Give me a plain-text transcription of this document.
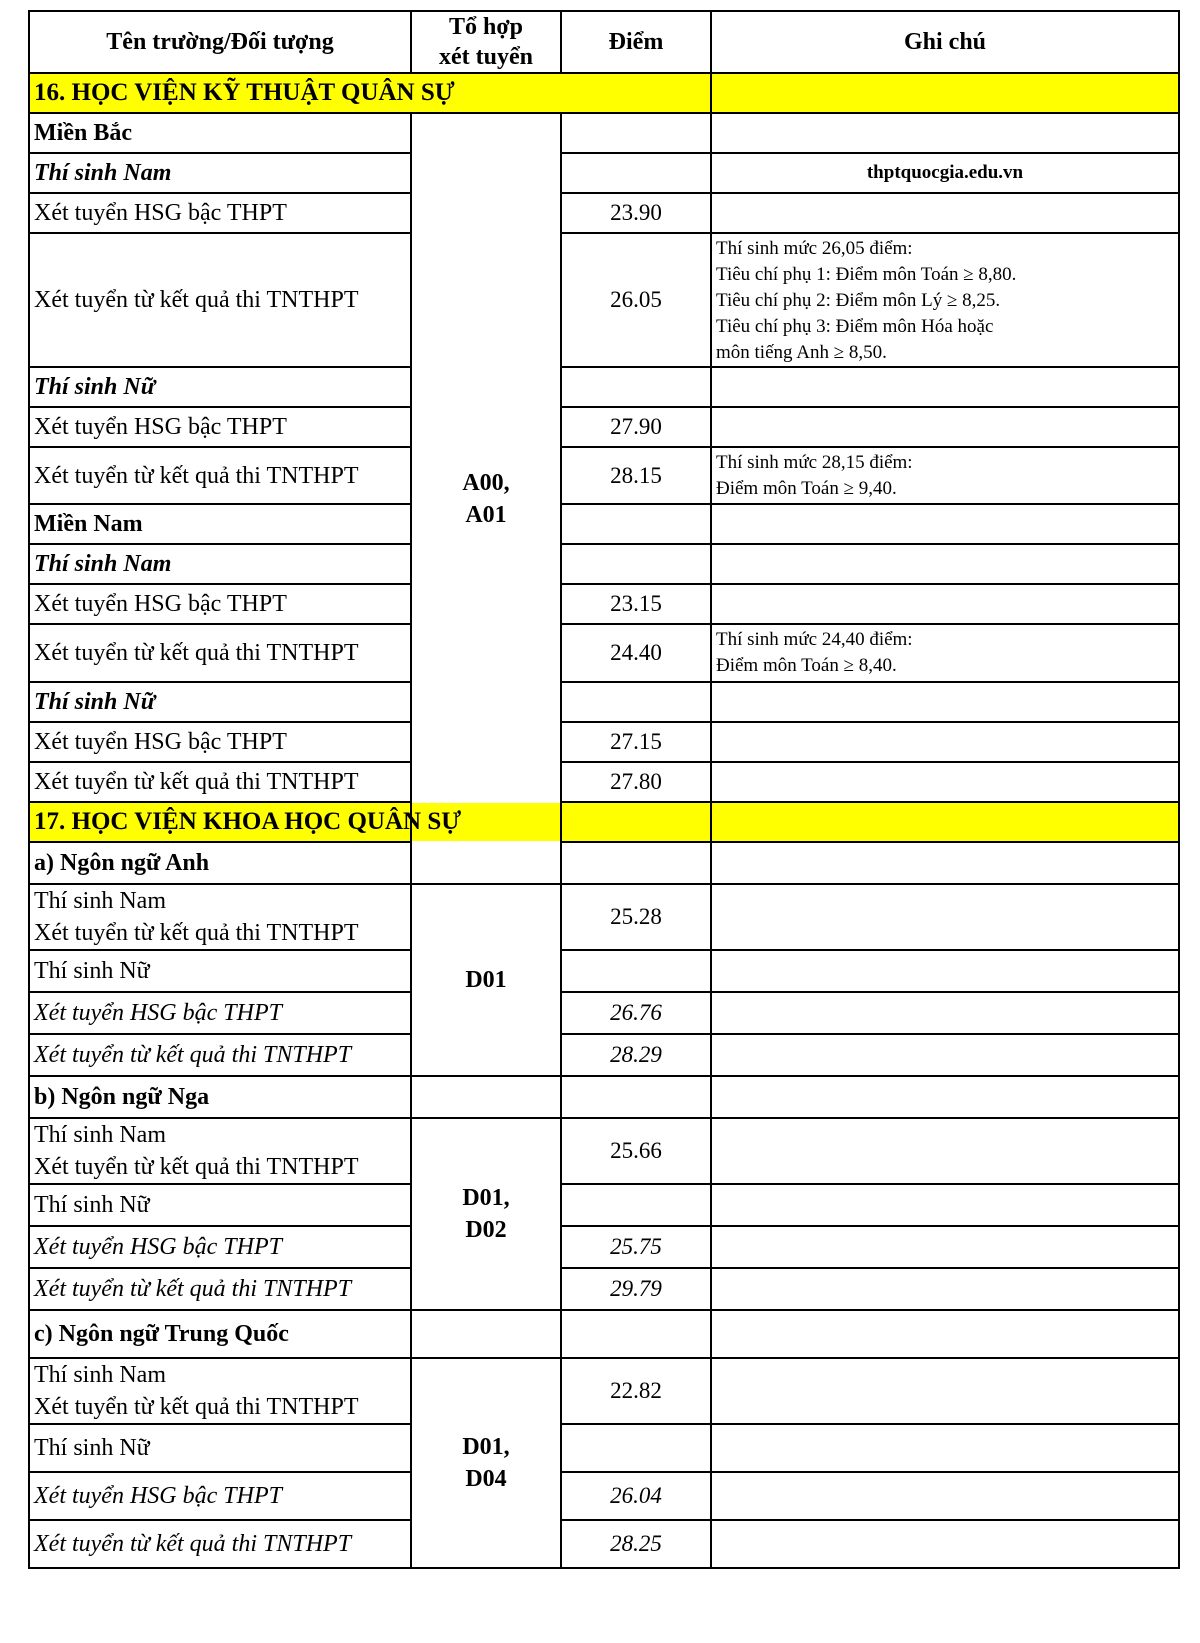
Tên trường/Đối tượng	Tổ hợp
xét tuyển	Điểm	Ghi chú	
16. HỌC VIỆN KỸ THUẬT QUÂN SỰ				
Miền Bắc	A00,
A01			

Thí sinh Nam			thptquocgia.edu.vn	
Xét tuyển HSG bậc THPT		23.90		
Xét tuyển từ kết quả thi TNTHPT		26.05	Thí sinh mức 26,05 điểm:
Tiêu chí phụ 1: Điểm môn Toán ≥ 8,80.
Tiêu chí phụ 2: Điểm môn Lý ≥ 8,25.
Tiêu chí phụ 3: Điểm môn Hóa hoặc
môn tiếng Anh ≥ 8,50.	

Thí sinh Nữ				
Xét tuyển HSG bậc THPT		27.90		
Xét tuyển từ kết quả thi TNTHPT		28.15	Thí sinh mức 28,15 điểm:
Điểm môn Toán ≥ 9,40.	

Miền Nam				
Thí sinh Nam				
Xét tuyển HSG bậc THPT		23.15		
Xét tuyển từ kết quả thi TNTHPT		24.40	Thí sinh mức 24,40 điểm:
Điểm môn Toán ≥ 8,40.	

Thí sinh Nữ				
Xét tuyển HSG bậc THPT		27.15		
Xét tuyển từ kết quả thi TNTHPT		27.80		
17. HỌC VIỆN KHOA HỌC QUÂN SỰ				
a) Ngôn ngữ Anh				

Thí sinh Nam
Xét tuyển từ kết quả thi TNTHPT	D01	25.28		
Thí sinh Nữ				
Xét tuyển HSG bậc THPT		26.76		
Xét tuyển từ kết quả thi TNTHPT		28.29		
b) Ngôn ngữ Nga				

Thí sinh Nam
Xét tuyển từ kết quả thi TNTHPT	D01,
D02	25.66		
Thí sinh Nữ				
Xét tuyển HSG bậc THPT		25.75		
Xét tuyển từ kết quả thi TNTHPT		29.79		
c) Ngôn ngữ Trung Quốc				

Thí sinh Nam
Xét tuyển từ kết quả thi TNTHPT	D01,
D04	22.82		
Thí sinh Nữ				
Xét tuyển HSG bậc THPT		26.04		
Xét tuyển từ kết quả thi TNTHPT		28.25		
